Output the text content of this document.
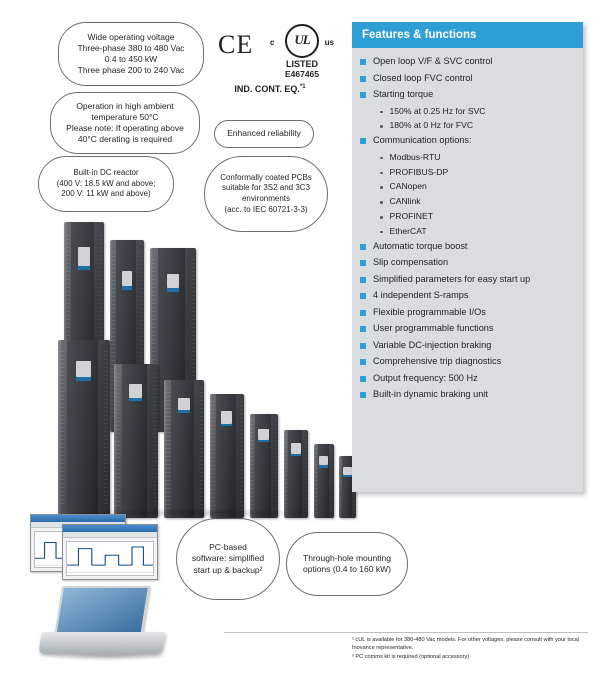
Wide operating voltage
Three-phase 380 to 480 Vac
0.4 to 450 kW
Three phase 200 to 240 Vac
Operation in high ambient
temperature 50°C
Please note: If operating above
40°C derating is required
Built-in DC reactor
(400 V: 18.5 kW and above;
200 V: 11 kW and above)
Enhanced reliability
Conformally coated PCBs
suitable for 3S2 and 3C3
environments
(acc. to IEC 60721-3-3)
PC-based
software: simplified
start up & backup²
Through-hole mounting
options (0.4 to 160 kW)
CE	UL
c	us
LISTED
E467465
IND. CONT. EQ.$^{*1}$
Features & functions
Open loop V/F & SVC control
Closed loop FVC control
Starting torque
150% at 0.25 Hz for SVC
180% at 0 Hz for FVC
Communication options:
Modbus-RTU
PROFIBUS-DP
CANopen
CANlink
PROFINET
EtherCAT
Automatic torque boost
Slip compensation
Simplified parameters for easy start up
4 independent S-ramps
Flexible programmable I/Os
User programmable functions
Variable DC-injection braking
Comprehensive trip diagnostics
Output frequency: 500 Hz
Built-in dynamic braking unit
¹ cUL is available for 380-480 Vac models. For other voltages, please consult with your local Inovance representative.
² PC comms kit is required (optional accessory)
